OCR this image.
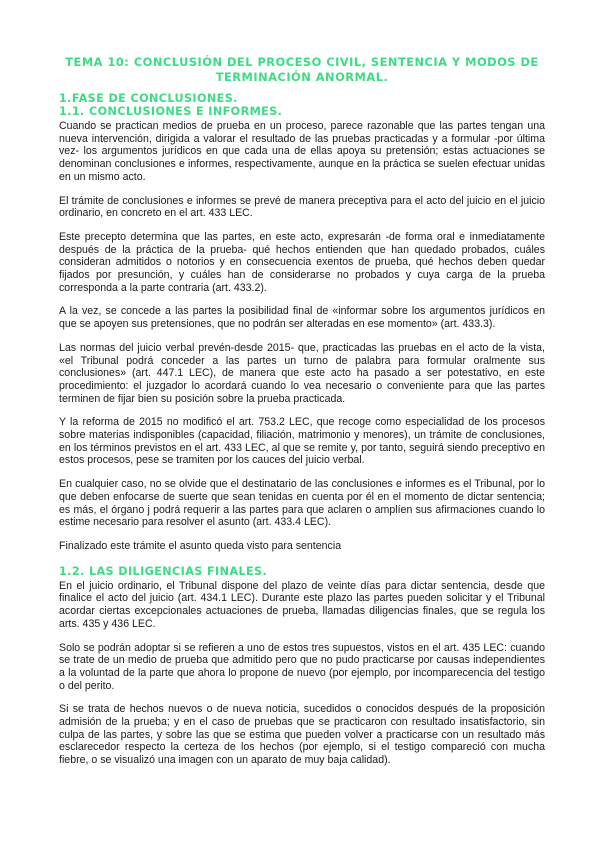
TEMA 10: CONCLUSIÓN DEL PROCESO CIVIL, SENTENCIA Y MODOS DE TERMINACIÓN ANORMAL.
1.FASE DE CONCLUSIONES.
1.1. CONCLUSIONES E INFORMES.

Cuando se practican medios de prueba en un proceso, parece razonable que las partes tengan una nueva intervención, dirigida a valorar el resultado de las pruebas practicadas y a formular -por última vez- los argumentos jurídicos en que cada una de ellas apoya su pretensión; estas actuaciones se denominan conclusiones e informes, respectivamente, aunque en la práctica se suelen efectuar unidas en un mismo acto.

El trámite de conclusiones e informes se prevé de manera preceptiva para el acto del juicio en el juicio ordinario, en concreto en el art. 433 LEC.

Este precepto determina que las partes, en este acto, expresarán -de forma oral e inmediatamente después de la práctica de la prueba- qué hechos entienden que han quedado probados, cuáles consideran admitidos o notorios y en consecuencia exentos de prueba, qué hechos deben quedar fijados por presunción, y cuáles han de considerarse no probados y cuya carga de la prueba corresponda a la parte contraria (art. 433.2).

A la vez, se concede a las partes la posibilidad final de «informar sobre los argumentos jurídicos en que se apoyen sus pretensiones, que no podrán ser alteradas en ese momento» (art. 433.3).

Las normas del juicio verbal prevén-desde 2015- que, practicadas las pruebas en el acto de la vista, «el Tribunal podrá conceder a las partes un turno de palabra para formular oralmente sus conclusiones» (art. 447.1 LEC), de manera que este acto ha pasado a ser potestativo, en este procedimiento: el juzgador lo acordará cuando lo vea necesario o conveniente para que las partes terminen de fijar bien su posición sobre la prueba practicada.

Y la reforma de 2015 no modificó el art. 753.2 LEC, que recoge como especialidad de los procesos sobre materias indisponibles (capacidad, filiación, matrimonio y menores), un trámite de conclusiones, en los términos previstos en el art. 433 LEC, al que se remite y, por tanto, seguirá siendo preceptivo en estos procesos, pese se tramiten por los cauces del juicio verbal.

En cualquier caso, no se olvide que el destinatario de las conclusiones e informes es el Tribunal, por lo que deben enfocarse de suerte que sean tenidas en cuenta por él en el momento de dictar sentencia; es más, el órgano j podrá requerir a las partes para que aclaren o amplíen sus afirmaciones cuando lo estime necesario para resolver el asunto (art. 433.4 LEC).

Finalizado este trámite el asunto queda visto para sentencia

1.2. LAS DILIGENCIAS FINALES.

En el juicio ordinario, el Tribunal dispone del plazo de veinte días para dictar sentencia, desde que finalice el acto del juicio (art. 434.1 LEC). Durante este plazo las partes pueden solicitar y el Tribunal acordar ciertas excepcionales actuaciones de prueba, llamadas diligencias finales, que se regula los arts. 435 y 436 LEC.

Solo se podrán adoptar si se refieren a uno de estos tres supuestos, vistos en el art. 435 LEC: cuando se trate de un medio de prueba que admitido pero que no pudo practicarse por causas independientes a la voluntad de la parte que ahora lo propone de nuevo (por ejemplo, por incomparecencia del testigo o del perito.

Si se trata de hechos nuevos o de nueva noticia, sucedidos o conocidos después de la proposición admisión de la prueba; y en el caso de pruebas que se practicaron con resultado insatisfactorio, sin culpa de las partes, y sobre las que se estima que pueden volver a practicarse con un resultado más esclarecedor respecto la certeza de los hechos (por ejemplo, si el testigo compareció con mucha fiebre, o se visualizó una imagen con un aparato de muy baja calidad).
